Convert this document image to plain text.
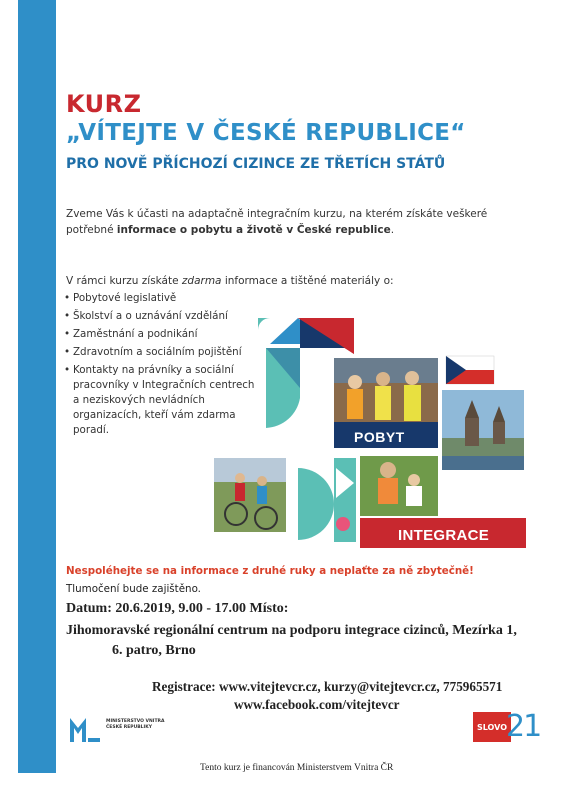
KURZ
„VÍTEJTE V ČESKÉ REPUBLICE“
PRO NOVĚ PŘÍCHOZÍ CIZINCE ZE TŘETÍCH STÁTŮ
Zveme Vás k účasti na adaptačně integračním kurzu, na kterém získáte veškeré potřebné informace o pobytu a životě v České republice.
V rámci kurzu získáte zdarma informace a tištěné materiály o:
• Pobytové legislativě
• Školství a o uznávání vzdělání
• Zaměstnání a podnikání
• Zdravotním a sociálním pojištění
• Kontakty na právníky a sociální pracovníky v Integračních centrech a neziskových nevládních organizacích, kteří vám zdarma poradí.	POBYT
INTEGRACE
Nespoléhejte se na informace z druhé ruky a neplaťte za ně zbytečně!
Tlumočení bude zajištěno.
Datum: 20.6.2019, 9.00 - 17.00 Místo:
Jihomoravské regionální centrum na podporu integrace cizinců, Mezírka 1,
6. patro, Brno
Registrace: www.vitejtevcr.cz, kurzy@vitejtevcr.cz, 775965571
www.facebook.com/vitejtevcr
MINISTERSTVO VNITRA
ČESKÉ REPUBLIKY	SLOVO 21
Tento kurz je financován Ministerstvem Vnitra ČR
